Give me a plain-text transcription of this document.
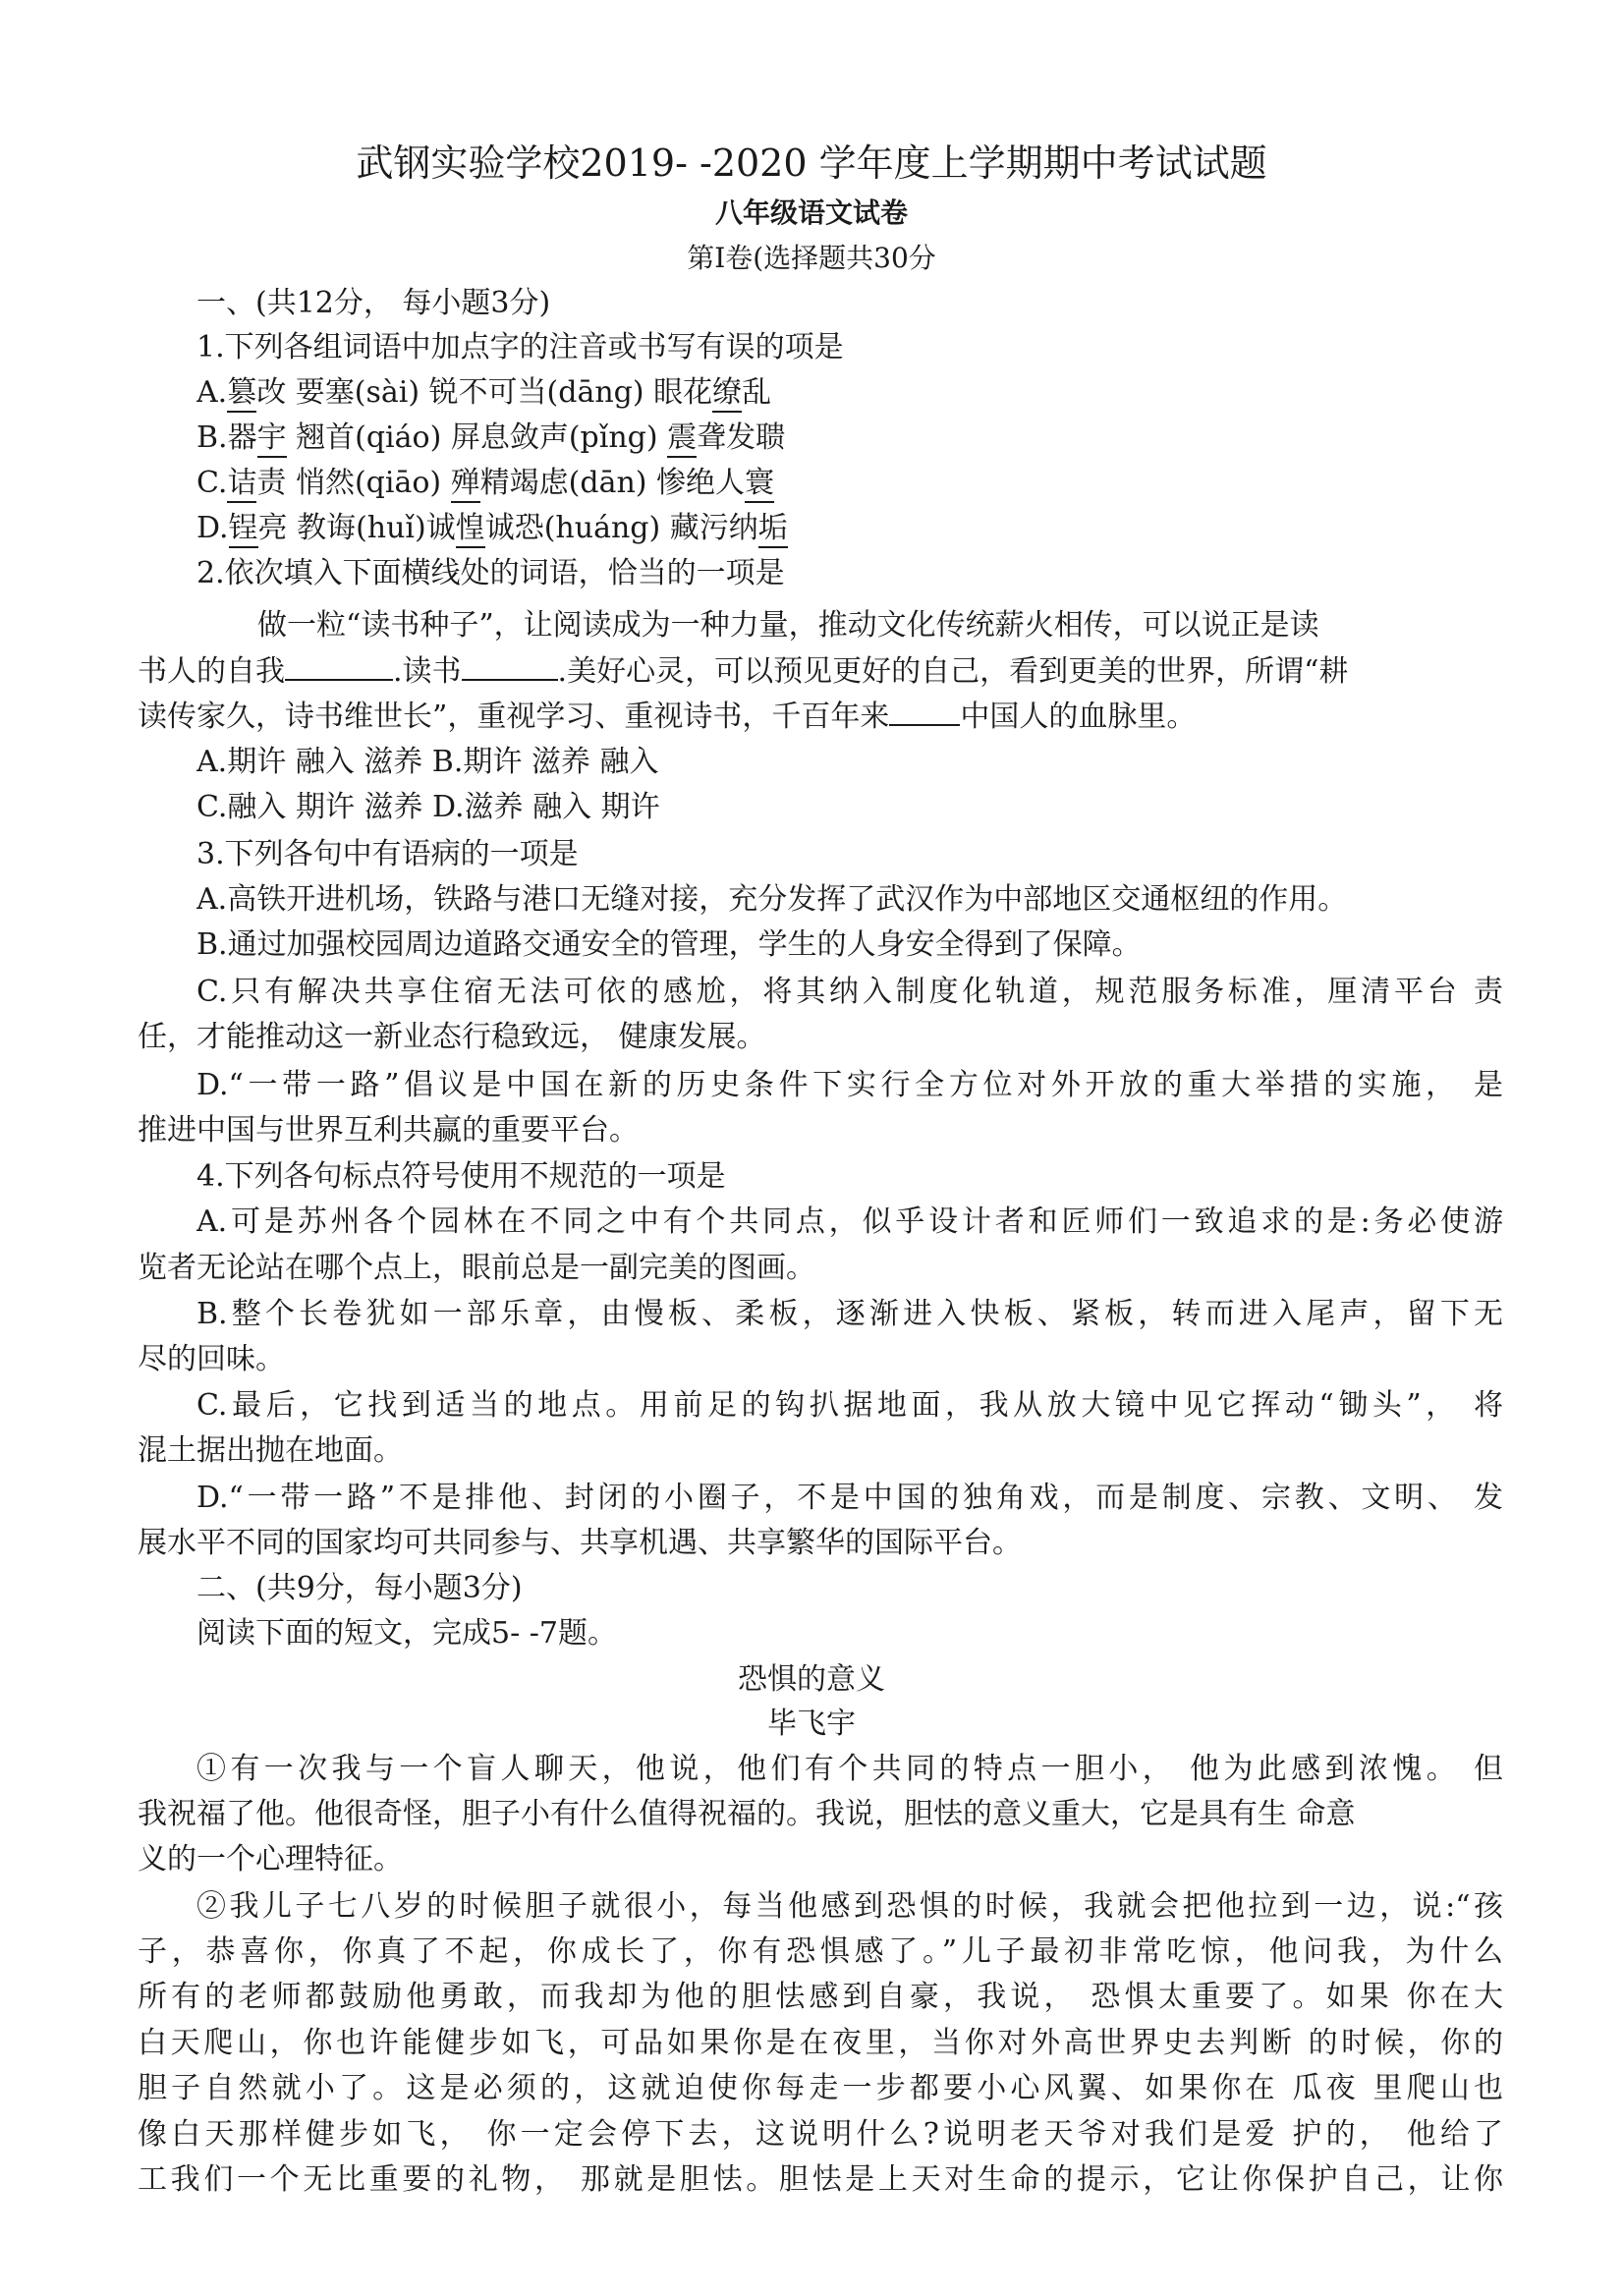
武钢实验学校2019- -2020 学年度上学期期中考试试题
八年级语文试卷
第Ⅰ卷(选择题共30分
一、(共12分， 每小题3分)
1.下列各组词语中加点字的注音或书写有误的项是
A.篡改 要塞(sài) 锐不可当(dāng) 眼花缭乱
B.器宇 翘首(qiáo) 屏息敛声(pǐng) 震聋发聩
C.诘责 悄然(qiāo) 殚精竭虑(dān) 惨绝人寰
D.锃亮 教诲(huǐ)诚惶诚恐(huáng) 藏污纳垢
2.依次填入下面横线处的词语，恰当的一项是
做一粒“读书种子”，让阅读成为一种力量，推动文化传统薪火相传，可以说正是读
书人的自我	.读书	.美好心灵，可以预见更好的自己，看到更美的世界，所谓“耕
读传家久，诗书维世长”，重视学习、重视诗书，千百年来 中国人的血脉里。
A.期许 融入 滋养 B.期许 滋养 融入
C.融入 期许 滋养 D.滋养 融入 期许
3.下列各句中有语病的一项是
A.高铁开进机场，铁路与港口无缝对接，充分发挥了武汉作为中部地区交通枢纽的作用。
B.通过加强校园周边道路交通安全的管理，学生的人身安全得到了保障。
C.只有解决共享住宿无法可依的感尬，将其纳入制度化轨道，规范服务标准，厘清平台 责
任，才能推动这一新业态行稳致远， 健康发展。
D.“一带一路”倡议是中国在新的历史条件下实行全方位对外开放的重大举措的实施， 是
推进中国与世界互利共赢的重要平台。
4.下列各句标点符号使用不规范的一项是
A.可是苏州各个园林在不同之中有个共同点，似乎设计者和匠师们一致追求的是:务必使游
览者无论站在哪个点上，眼前总是一副完美的图画。
B.整个长卷犹如一部乐章，由慢板、柔板，逐渐进入快板、紧板，转而进入尾声，留下无
尽的回味。
C.最后，它找到适当的地点。用前足的钩扒据地面，我从放大镜中见它挥动“锄头”， 将
混土据出抛在地面。
D.“一带一路”不是排他、封闭的小圈子，不是中国的独角戏，而是制度、宗教、文明、 发
展水平不同的国家均可共同参与、共享机遇、共享繁华的国际平台。
二、(共9分，每小题3分)
阅读下面的短文，完成5- -7题。
恐惧的意义
毕飞宇
①有一次我与一个盲人聊天，他说，他们有个共同的特点一胆小， 他为此感到浓愧。 但
我祝福了他。他很奇怪，胆子小有什么值得祝福的。我说，胆怯的意义重大，它是具有生 命意
义的一个心理特征。
②我儿子七八岁的时候胆子就很小，每当他感到恐惧的时候，我就会把他拉到一边，说:“孩
子，恭喜你，你真了不起，你成长了，你有恐惧感了。”儿子最初非常吃惊，他问我，为什么
所有的老师都鼓励他勇敢，而我却为他的胆怯感到自豪，我说， 恐惧太重要了。如果 你在大
白天爬山，你也许能健步如飞，可品如果你是在夜里，当你对外高世界史去判断 的时候，你的
胆子自然就小了。这是必须的，这就迫使你每走一步都要小心风翼、如果你在 瓜夜 里爬山也
像白天那样健步如飞， 你一定会停下去，这说明什么?说明老天爷对我们是爱 护的， 他给了
工我们一个无比重要的礼物， 那就是胆怯。胆怯是上天对生命的提示，它让你保护自己，让你
